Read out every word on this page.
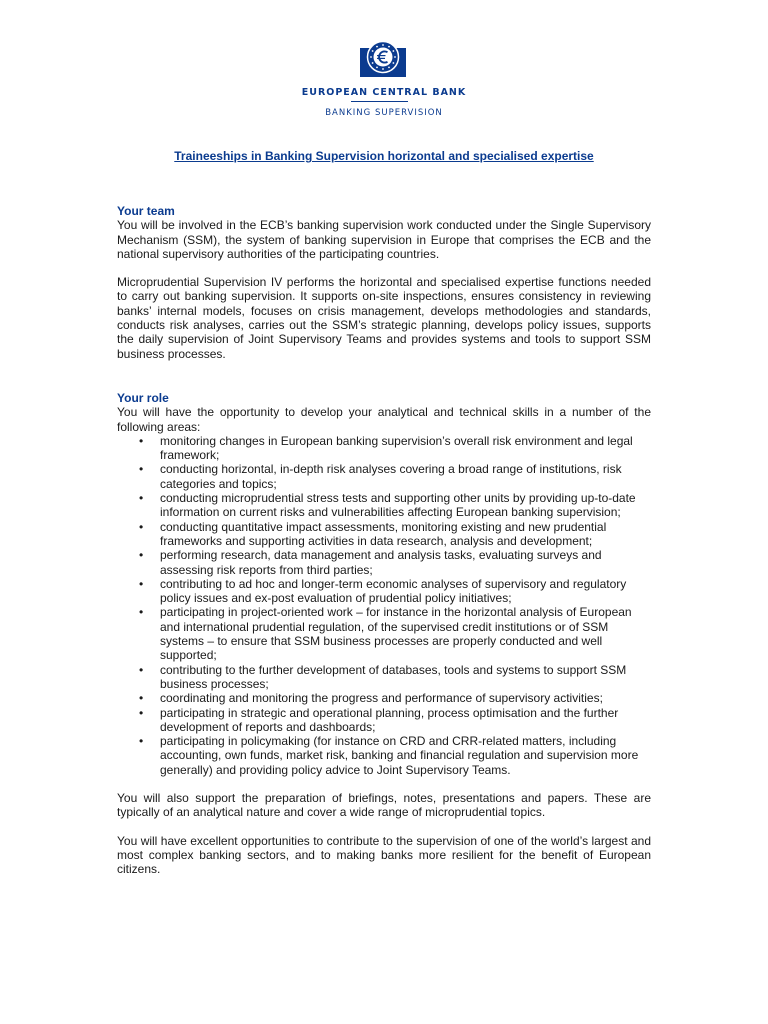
EUROPEAN CENTRAL BANK
BANKING SUPERVISION
Traineeships in Banking Supervision horizontal and specialised expertise

Your team

You will be involved in the ECB’s banking supervision work conducted under the Single Supervisory Mechanism (SSM), the system of banking supervision in Europe that comprises the ECB and the national supervisory authorities of the participating countries.

Microprudential Supervision IV performs the horizontal and specialised expertise functions needed to carry out banking supervision. It supports on-site inspections, ensures consistency in reviewing banks’ internal models, focuses on crisis management, develops methodologies and standards, conducts risk analyses, carries out the SSM’s strategic planning, develops policy issues, supports the daily supervision of Joint Supervisory Teams and provides systems and tools to support SSM business processes.

Your role

You will have the opportunity to develop your analytical and technical skills in a number of the following areas:

• monitoring changes in European banking supervision’s overall risk environment and legal framework;
• conducting horizontal, in-depth risk analyses covering a broad range of institutions, risk categories and topics;
• conducting microprudential stress tests and supporting other units by providing up-to-date information on current risks and vulnerabilities affecting European banking supervision;
• conducting quantitative impact assessments, monitoring existing and new prudential frameworks and supporting activities in data research, analysis and development;
• performing research, data management and analysis tasks, evaluating surveys and assessing risk reports from third parties;
• contributing to ad hoc and longer-term economic analyses of supervisory and regulatory policy issues and ex-post evaluation of prudential policy initiatives;
• participating in project-oriented work – for instance in the horizontal analysis of European and international prudential regulation, of the supervised credit institutions or of SSM systems – to ensure that SSM business processes are properly conducted and well supported;
• contributing to the further development of databases, tools and systems to support SSM business processes;
• coordinating and monitoring the progress and performance of supervisory activities;
• participating in strategic and operational planning, process optimisation and the further development of reports and dashboards;
• participating in policymaking (for instance on CRD and CRR-related matters, including accounting, own funds, market risk, banking and financial regulation and supervision more generally) and providing policy advice to Joint Supervisory Teams.

You will also support the preparation of briefings, notes, presentations and papers. These are typically of an analytical nature and cover a wide range of microprudential topics.

You will have excellent opportunities to contribute to the supervision of one of the world’s largest and most complex banking sectors, and to making banks more resilient for the benefit of European citizens.
